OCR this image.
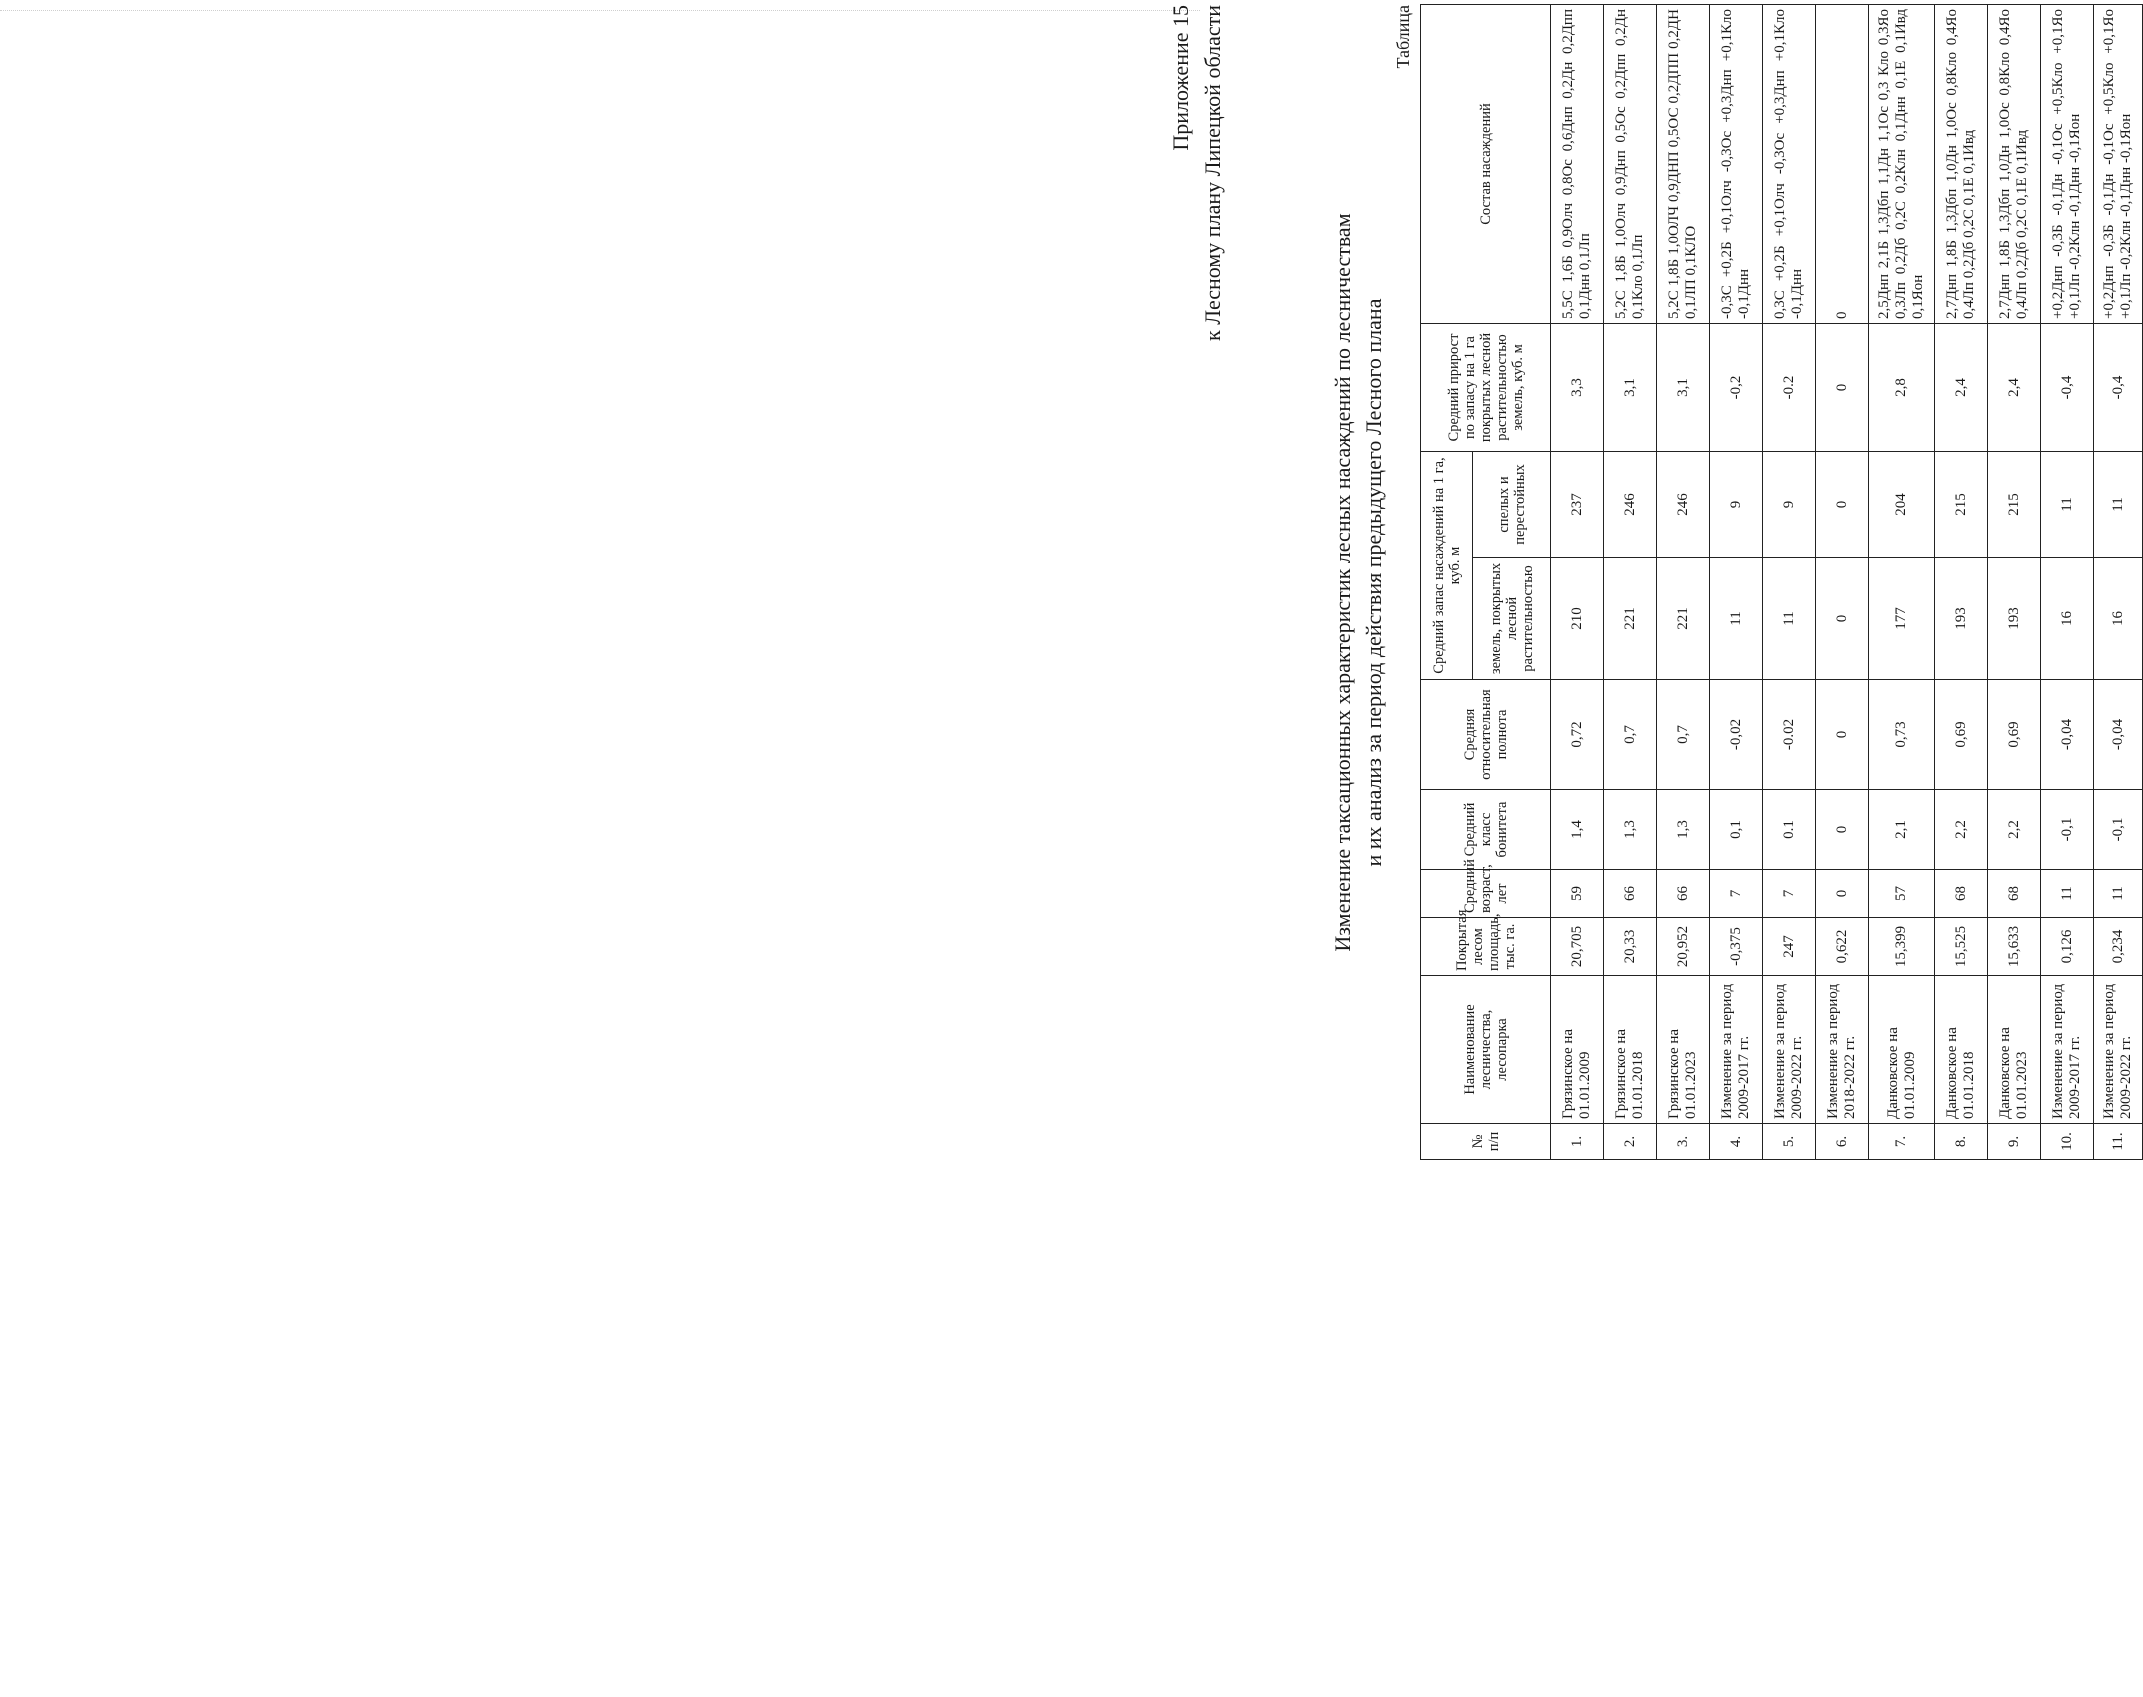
Приложение 15 к Лесному плану Липецкой области
Изменение таксационных характеристик лесных насаждений по лесничествам и их анализ за период действия предыдущего Лесного плана
Таблица
№ п/п	Наименование лесничества, лесопарка	Покрытая лесом площадь, тыс. га.	Средний возраст, лет	Средний класс бонитета	Средняя относительная полнота	Средний запас насаждений на 1 га, куб. м		Средний прирост по запасу на 1 га покрытых лесной растительностью земель, куб. м	Состав насаждений
						земель, покрытых лесной растительностью	спелых и перестойных		
1.	Грязинское на 01.01.2009	20,705	59	1,4	0,72	210	237	3,3	5,5С 1,6Б 0,9Олч 0,8Ос 0,6Днп 0,2Дн 0,2Дпп 0,1Днн 0,1Лп
2.	Грязинское на 01.01.2018	20,33	66	1,3	0,7	221	246	3,1	5,2С 1,8Б 1,0Олч 0,9Днп 0,5Ос 0,2Дпп 0,2Дн 0,1Кло 0,1Лп
3.	Грязинское на 01.01.2023	20,952	66	1,3	0,7	221	246	3,1	5,2С 1,8Б 1,0ОЛЧ 0,9ДНП 0,5ОС 0,2ДПП 0,2ДН 0,1ЛП 0,1КЛО
4.	Изменение за период 2009-2017 гг.	-0,375	7	0,1	-0,02	11	9	-0,2	-0,3С +0,2Б +0,1Олч -0,3Ос +0,3Днп +0,1Кло -0,1Днн
5.	Изменение за период 2009-2022 гг.	247	7	0.1	-0.02	11	9	-0.2	0,3С +0,2Б +0,1Олч -0,3Ос +0,3Днп +0,1Кло -0,1Днн
6.	Изменение за период 2018-2022 гг.	0,622	0	0	0	0	0	0	0
7.	Данковское на 01.01.2009	15,399	57	2,1	0,73	177	204	2,8	2,5Днп 2,1Б 1,3Дбп 1,1Дн 1,1Ос 0,3 Кло 0,3Яо 0,3Лп 0,2Дб 0,2С 0,2Клн 0,1Днн 0,1Е 0,1Ивд 0,1Яон
8.	Данковское на 01.01.2018	15,525	68	2,2	0,69	193	215	2,4	2,7Днп 1,8Б 1,3Дбп 1,0Дн 1,0Ос 0,8Кло 0,4Яо 0,4Лп 0,2Дб 0,2С 0,1Е 0,1Ивд
9.	Данковское на 01.01.2023	15,633	68	2,2	0,69	193	215	2,4	2,7Днп 1,8Б 1,3Дбп 1,0Дн 1,0Ос 0,8Кло 0,4Яо 0,4Лп 0,2Дб 0,2С 0,1Е 0,1Ивд
10.	Изменение за период 2009-2017 гг.	0,126	11	-0,1	-0,04	16	11	-0,4	+0,2Днп -0,3Б -0,1Дн -0,1Ос +0,5Кло +0,1Яо +0,1Лп -0,2Клн -0,1Днн -0,1Яон
11.	Изменение за период 2009-2022 гг.	0,234	11	-0,1	-0,04	16	11	-0,4	+0,2Днп -0,3Б -0,1Дн -0,1Ос +0,5Кло +0,1Яо +0,1Лп -0,2Клн -0,1Днн -0,1Яон
